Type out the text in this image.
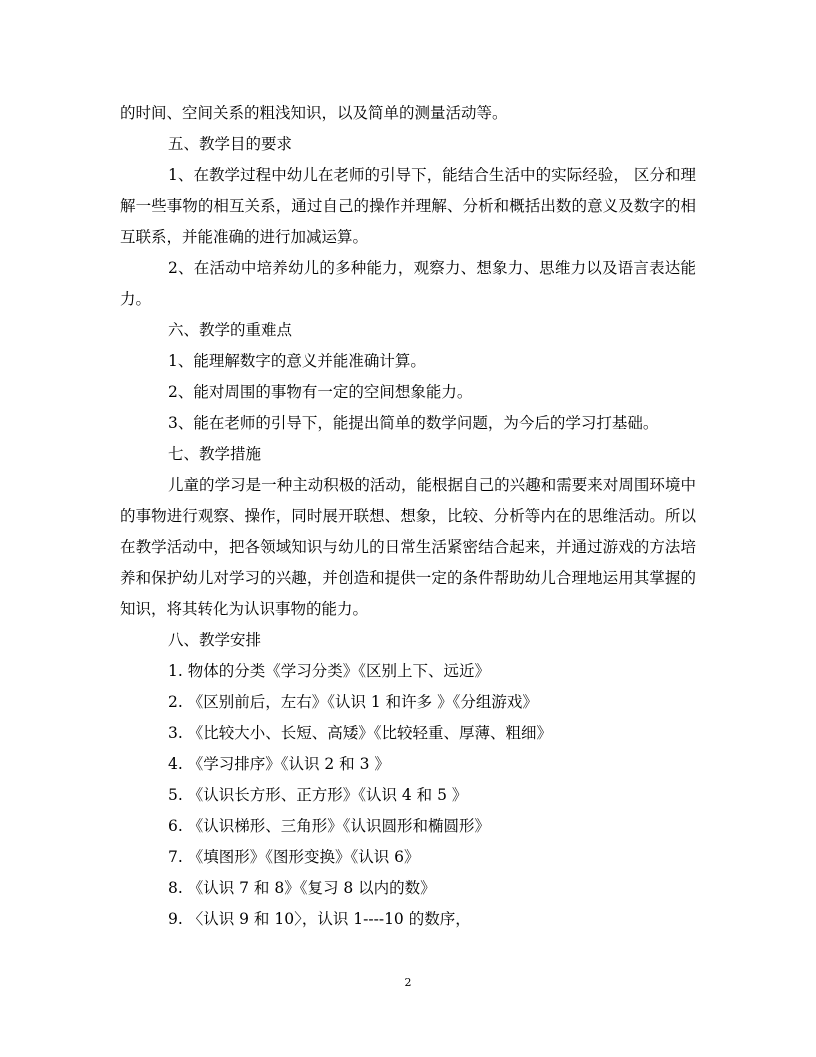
的时间、空间关系的粗浅知识，以及简单的测量活动等。

五、教学目的要求

1、在教学过程中幼儿在老师的引导下，能结合生活中的实际经验， 区分和理解一些事物的相互关系，通过自己的操作并理解、分析和概括出数的意义及数字的相互联系，并能准确的进行加减运算。

2、在活动中培养幼儿的多种能力，观察力、想象力、思维力以及语言表达能力。

六、教学的重难点

1、能理解数字的意义并能准确计算。

2、能对周围的事物有一定的空间想象能力。

3、能在老师的引导下，能提出简单的数学问题，为今后的学习打基础。

七、教学措施

儿童的学习是一种主动积极的活动，能根据自己的兴趣和需要来对周围环境中的事物进行观察、操作，同时展开联想、想象，比较、分析等内在的思维活动。所以在教学活动中，把各领域知识与幼儿的日常生活紧密结合起来，并通过游戏的方法培养和保护幼儿对学习的兴趣，并创造和提供一定的条件帮助幼儿合理地运用其掌握的知识，将其转化为认识事物的能力。

八、教学安排

1. 物体的分类《学习分类》《区别上下、远近》

2. 《区别前后，左右》《认识 1 和许多 》《分组游戏》

3. 《比较大小、长短、高矮》《比较轻重、厚薄、粗细》

4. 《学习排序》《认识 2 和 3 》

5. 《认识长方形、正方形》《认识 4 和 5 》

6. 《认识梯形、三角形》《认识圆形和椭圆形》

7. 《填图形》《图形变换》《认识 6》

8. 《认识 7 和 8》《复习 8 以内的数》

9. 〈认识 9 和 10〉，认识 1----10 的数序，

2
